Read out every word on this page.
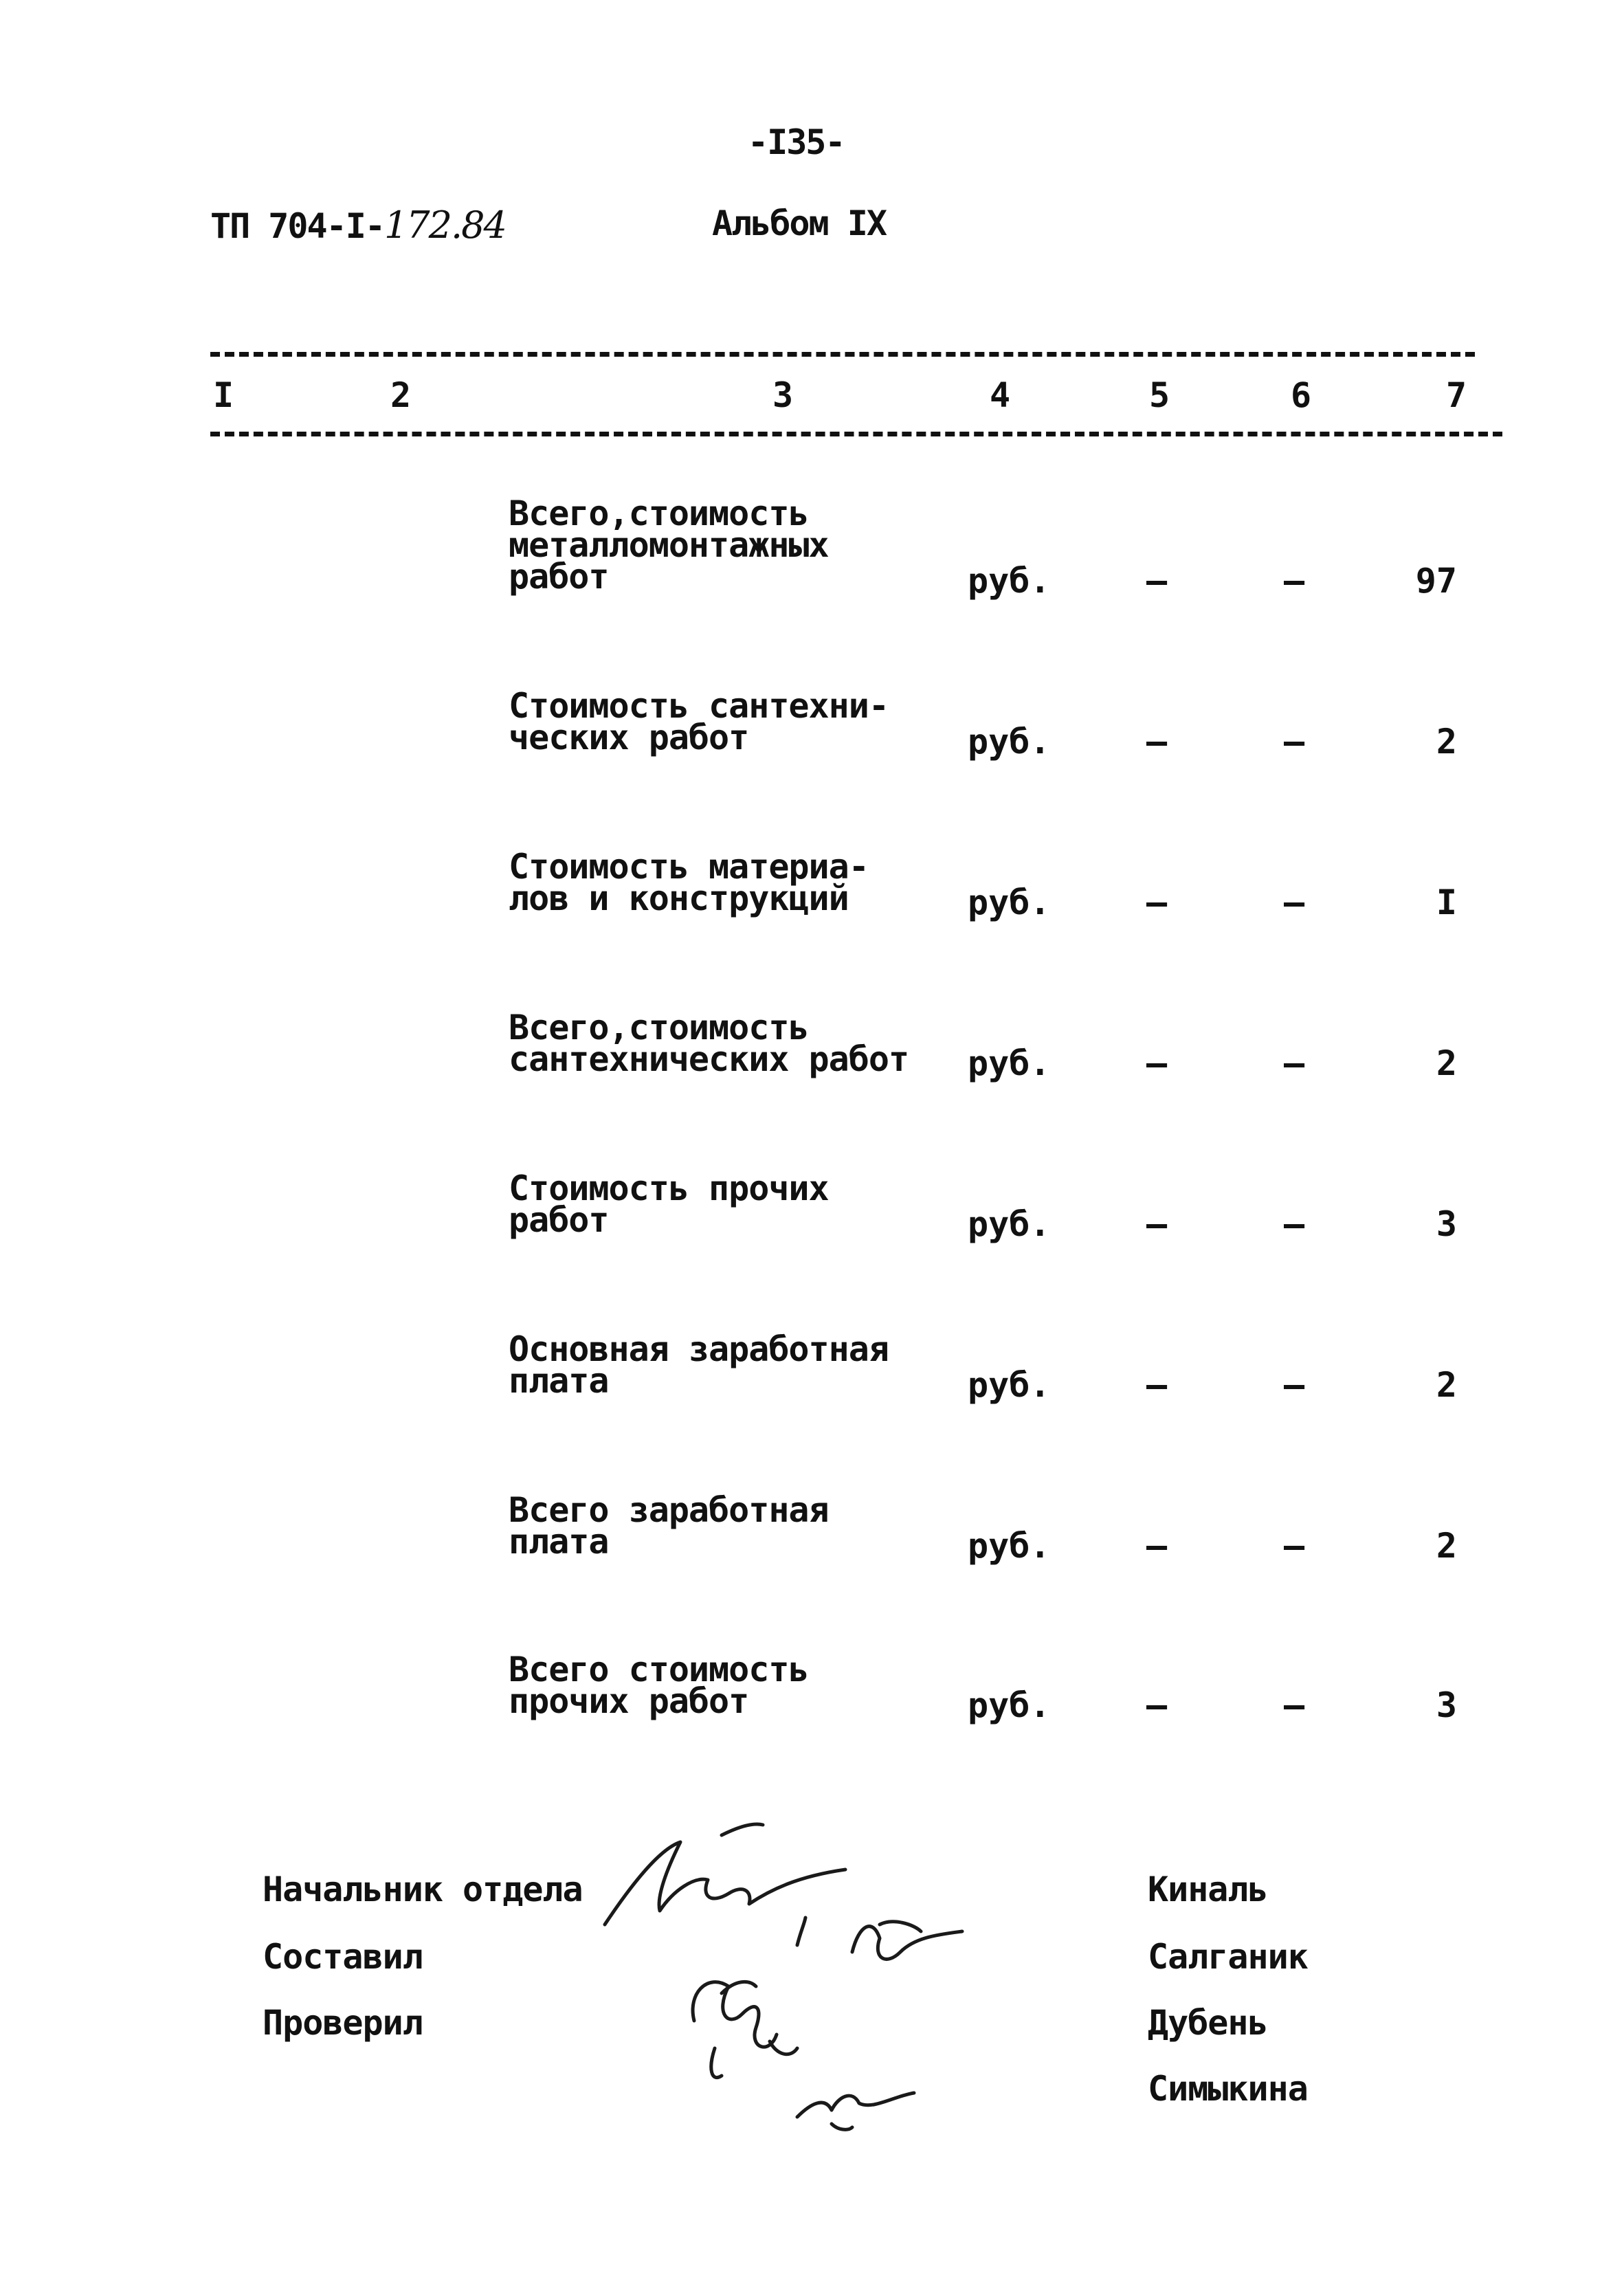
-I35-
ТП 704-I-172.84	Альбом IX
I	2	3	4	5	6	7
Всего,стоимость
металломонтажных
работ	руб.	–	–	97
Стоимость сантехни-
ческих работ	руб.	–	–	2
Стоимость материа-
лов и конструкций	руб.	–	–	I
Всего,стоимость
сантехнических работ руб.	–	–	2
Стоимость прочих
работ	руб.	–	–	3
Основная заработная
плата	руб.	–	–	2
Всего заработная
плата	руб.	–	–	2
Всего стоимость
прочих работ	руб.	–	–	3
Начальник отдела
Составил
Проверил
Киналь
Салганик
Дубень
Симыкина
